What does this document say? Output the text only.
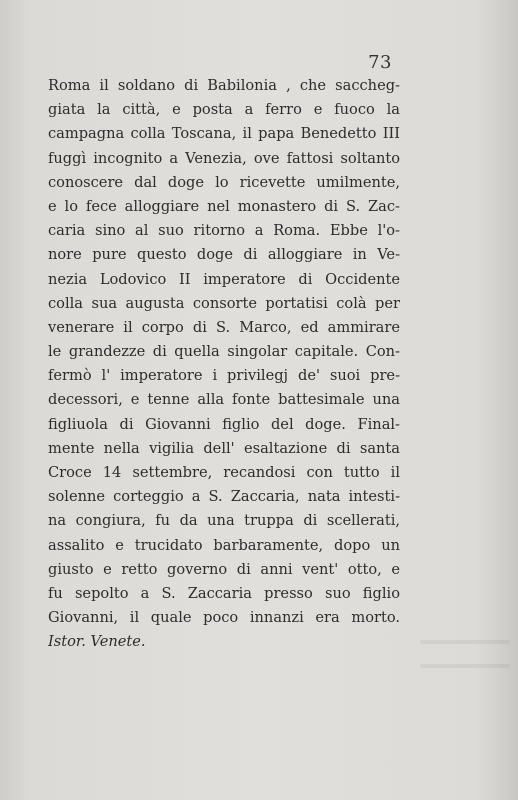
73
Roma il soldano di Babilonia , che saccheg-
giata la città, e posta a ferro e fuoco la
campagna colla Toscana, il papa Benedetto III
fuggì incognito a Venezia, ove fattosi soltanto
conoscere dal doge lo ricevette umilmente,
e lo fece alloggiare nel monastero di S. Zac-
caria sino al suo ritorno a Roma. Ebbe l'o-
nore pure questo doge di alloggiare in Ve-
nezia Lodovico II imperatore di Occidente
colla sua augusta consorte portatisi colà per
venerare il corpo di S. Marco, ed ammirare
le grandezze di quella singolar capitale. Con-
fermò l' imperatore i privilegj de' suoi pre-
decessori, e tenne alla fonte battesimale una
figliuola di Giovanni figlio del doge. Final-
mente nella vigilia dell' esaltazione di santa
Croce 14 settembre, recandosi con tutto il
solenne corteggio a S. Zaccaria, nata intesti-
na congiura, fu da una truppa di scellerati,
assalito e trucidato barbaramente, dopo un
giusto e retto governo di anni vent' otto, e
fu sepolto a S. Zaccaria presso suo figlio
Giovanni, il quale poco innanzi era morto.
Istor. Venete.
